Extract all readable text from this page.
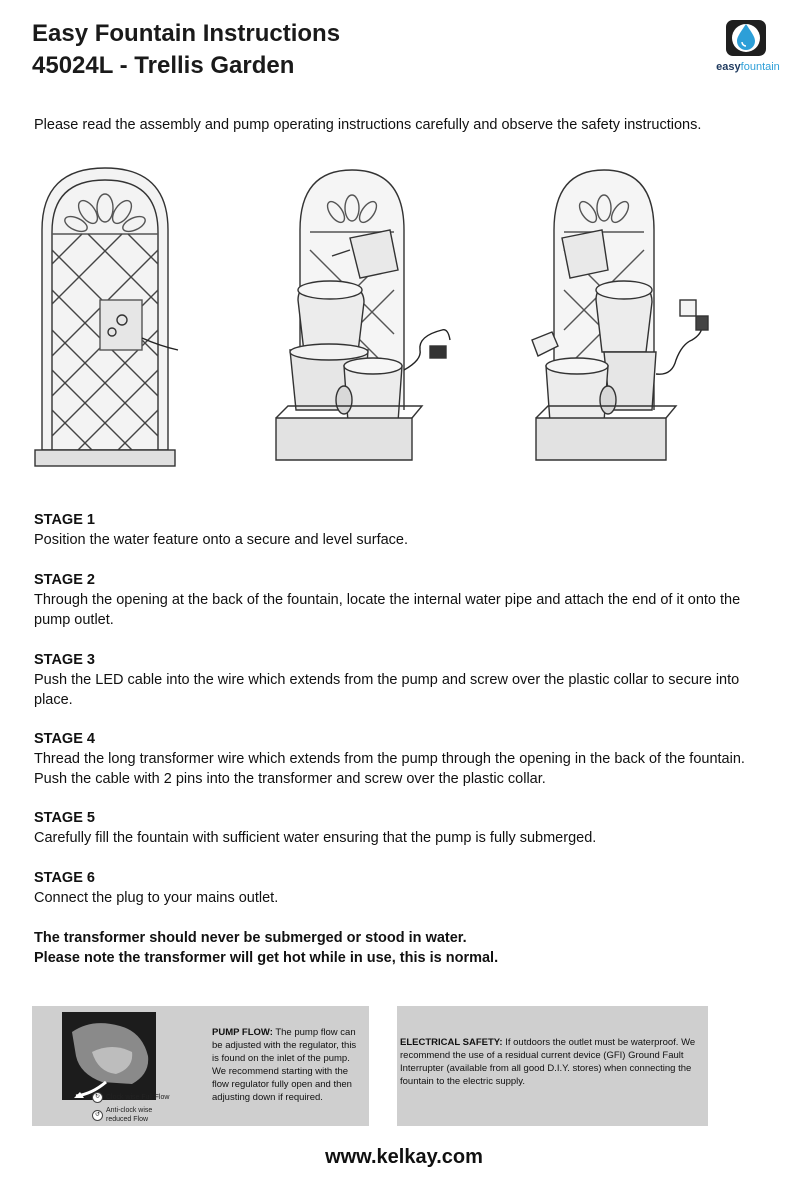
Easy Fountain Instructions
45024L - Trellis Garden	easyfountain
Please read the assembly and pump operating instructions carefully and observe the safety instructions.
STAGE 1

Position the water feature onto a secure and level surface.

STAGE 2

Through the opening at the back of the fountain, locate the internal water pipe and attach the end of it onto the pump outlet.

STAGE 3

Push the LED cable into the wire which extends from the pump and screw over the plastic collar to secure into place.

STAGE 4

Thread the long transformer wire which extends from the pump through the opening in the back of the fountain. Push the cable with 2 pins into the transformer and screw over the plastic collar.

STAGE 5

Carefully fill the fountain with sufficient water ensuring that the pump is fully submerged.

STAGE 6

Connect the plug to your mains outlet.

The transformer should never be submerged or stood in water.
Please note the transformer will get hot while in use, this is normal.
↻ Clock wise Full Flow
↺
Anti-clock wise reduced Flow
PUMP FLOW: The pump flow can be adjusted with the regulator, this is found on the inlet of the pump. We recommend starting with the flow regulator fully open and then adjusting down if required.
ELECTRICAL SAFETY: If outdoors the outlet must be waterproof. We recommend the use of a residual current device (GFI) Ground Fault Interrupter (available from all good D.I.Y. stores) when connecting the fountain to the electric supply.
www.kelkay.com
